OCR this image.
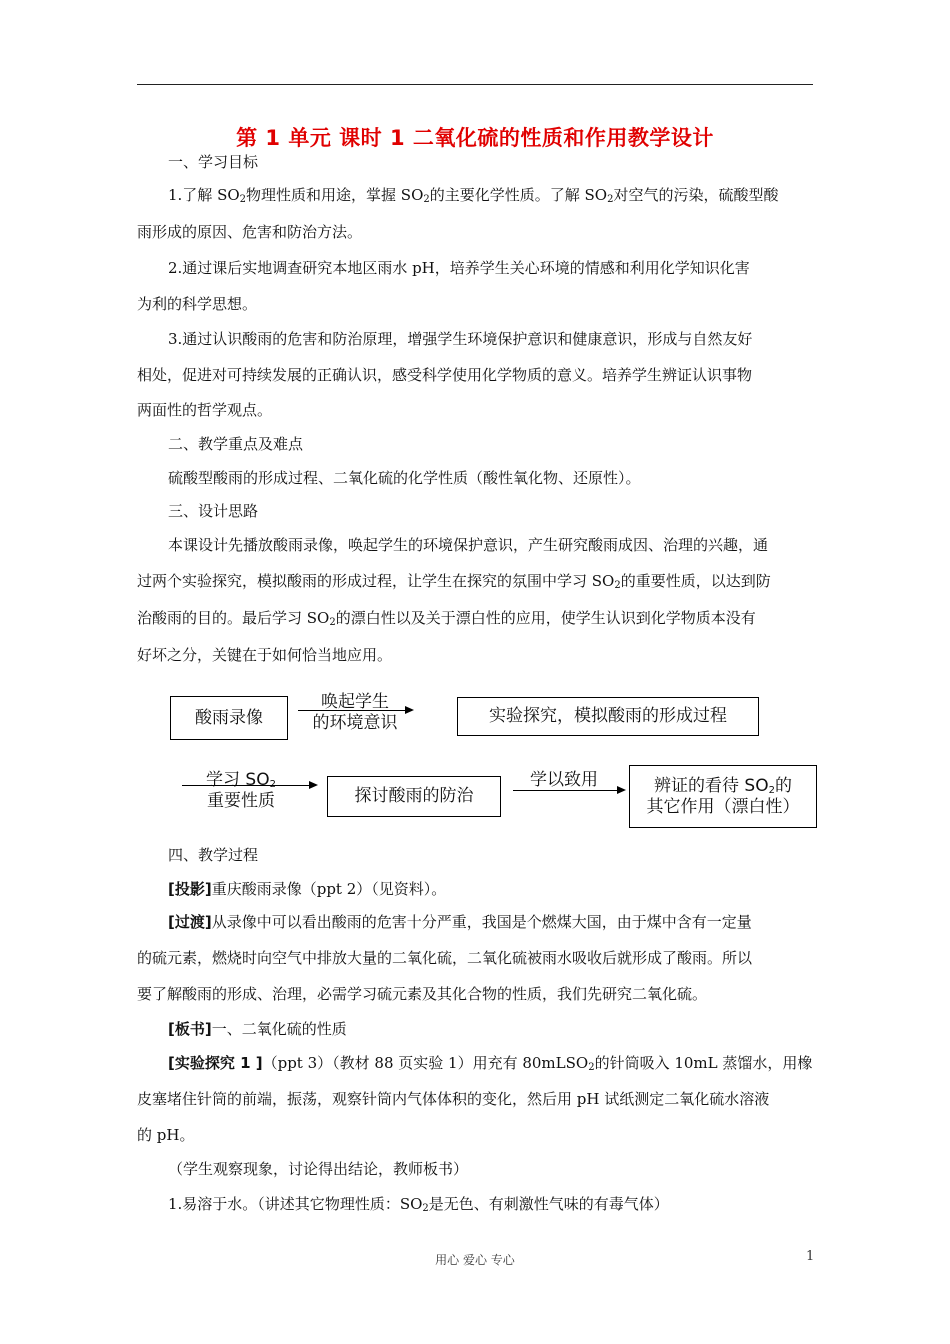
第 1 单元 课时 1 二氧化硫的性质和作用教学设计
一、学习目标
1.了解 $SO_2$物理性质和用途，掌握 $SO_2$的主要化学性质。了解 $SO_2$对空气的污染，硫酸型酸
雨形成的原因、危害和防治方法。
2.通过课后实地调查研究本地区雨水 pH，培养学生关心环境的情感和利用化学知识化害
为利的科学思想。
3.通过认识酸雨的危害和防治原理，增强学生环境保护意识和健康意识，形成与自然友好
相处，促进对可持续发展的正确认识，感受科学使用化学物质的意义。培养学生辨证认识事物
两面性的哲学观点。
二、教学重点及难点
硫酸型酸雨的形成过程、二氧化硫的化学性质（酸性氧化物、还原性）。
三、设计思路
本课设计先播放酸雨录像，唤起学生的环境保护意识，产生研究酸雨成因、治理的兴趣，通
过两个实验探究，模拟酸雨的形成过程，让学生在探究的氛围中学习 $SO_2$的重要性质，以达到防
治酸雨的目的。最后学习 $SO_2$的漂白性以及关于漂白性的应用，使学生认识到化学物质本没有
好坏之分，关键在于如何恰当地应用。
酸雨录像
唤起学生
的环境意识	实验探究，模拟酸雨的形成过程
学习 $SO_2$
重要性质	探讨酸雨的防治
学以致用	辨证的看待 $SO_2$的
其它作用（漂白性）
四、教学过程
[投影]重庆酸雨录像（ppt 2）（见资料）。
[过渡]从录像中可以看出酸雨的危害十分严重，我国是个燃煤大国，由于煤中含有一定量
的硫元素，燃烧时向空气中排放大量的二氧化硫，二氧化硫被雨水吸收后就形成了酸雨。所以
要了解酸雨的形成、治理，必需学习硫元素及其化合物的性质，我们先研究二氧化硫。
[板书]一、二氧化硫的性质
[实验探究 1 ]（ppt 3）（教材 88 页实验 1）用充有 80mLSO$_2$的针筒吸入 10mL 蒸馏水，用橡
皮塞堵住针筒的前端，振荡，观察针筒内气体体积的变化，然后用 pH 试纸测定二氧化硫水溶液
的 pH。
（学生观察现象，讨论得出结论，教师板书）
1.易溶于水。（讲述其它物理性质：$SO_2$是无色、有刺激性气味的有毒气体）
用心 爱心 专心	1
